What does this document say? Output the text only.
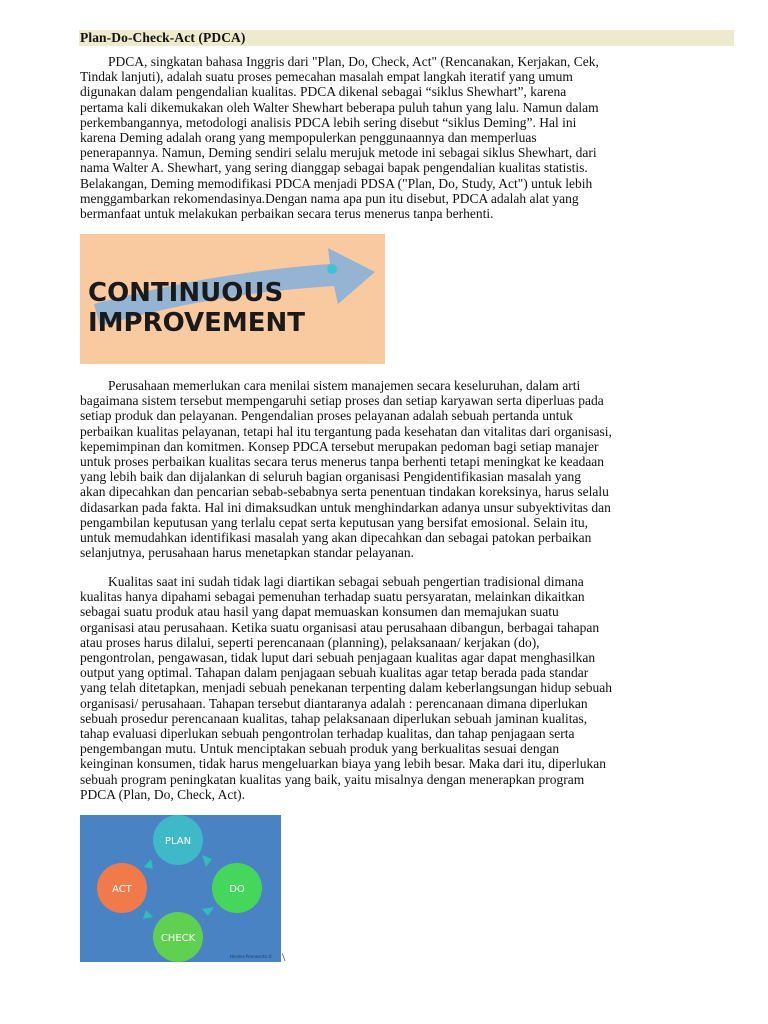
Plan-Do-Check-Act (PDCA)

PDCA, singkatan bahasa Inggris dari "Plan, Do, Check, Act" (Rencanakan, Kerjakan, Cek,
Tindak lanjuti), adalah suatu proses pemecahan masalah empat langkah iteratif yang umum
digunakan dalam pengendalian kualitas. PDCA dikenal sebagai “siklus Shewhart”, karena
pertama kali dikemukakan oleh Walter Shewhart beberapa puluh tahun yang lalu. Namun dalam
perkembangannya, metodologi analisis PDCA lebih sering disebut “siklus Deming”. Hal ini
karena Deming adalah orang yang mempopulerkan penggunaannya dan memperluas
penerapannya. Namun, Deming sendiri selalu merujuk metode ini sebagai siklus Shewhart, dari
nama Walter A. Shewhart, yang sering dianggap sebagai bapak pengendalian kualitas statistis.
Belakangan, Deming memodifikasi PDCA menjadi PDSA ("Plan, Do, Study, Act") untuk lebih
menggambarkan rekomendasinya.Dengan nama apa pun itu disebut, PDCA adalah alat yang
bermanfaat untuk melakukan perbaikan secara terus menerus tanpa berhenti.

CONTINUOUS
IMPROVEMENT

Perusahaan memerlukan cara menilai sistem manajemen secara keseluruhan, dalam arti
bagaimana sistem tersebut mempengaruhi setiap proses dan setiap karyawan serta diperluas pada
setiap produk dan pelayanan. Pengendalian proses pelayanan adalah sebuah pertanda untuk
perbaikan kualitas pelayanan, tetapi hal itu tergantung pada kesehatan dan vitalitas dari organisasi,
kepemimpinan dan komitmen. Konsep PDCA tersebut merupakan pedoman bagi setiap manajer
untuk proses perbaikan kualitas secara terus menerus tanpa berhenti tetapi meningkat ke keadaan
yang lebih baik dan dijalankan di seluruh bagian organisasi Pengidentifikasian masalah yang
akan dipecahkan dan pencarian sebab-sebabnya serta penentuan tindakan koreksinya, harus selalu
didasarkan pada fakta. Hal ini dimaksudkan untuk menghindarkan adanya unsur subyektivitas dan
pengambilan keputusan yang terlalu cepat serta keputusan yang bersifat emosional. Selain itu,
untuk memudahkan identifikasi masalah yang akan dipecahkan dan sebagai patokan perbaikan
selanjutnya, perusahaan harus menetapkan standar pelayanan.

Kualitas saat ini sudah tidak lagi diartikan sebagai sebuah pengertian tradisional dimana
kualitas hanya dipahami sebagai pemenuhan terhadap suatu persyaratan, melainkan dikaitkan
sebagai suatu produk atau hasil yang dapat memuaskan konsumen dan memajukan suatu
organisasi atau perusahaan. Ketika suatu organisasi atau perusahaan dibangun, berbagai tahapan
atau proses harus dilalui, seperti perencanaan (planning), pelaksanaan/ kerjakan (do),
pengontrolan, pengawasan, tidak luput dari sebuah penjagaan kualitas agar dapat menghasilkan
output yang optimal. Tahapan dalam penjagaan sebuah kualitas agar tetap berada pada standar
yang telah ditetapkan, menjadi sebuah penekanan terpenting dalam keberlangsungan hidup sebuah
organisasi/ perusahaan. Tahapan tersebut diantaranya adalah : perencanaan dimana diperlukan
sebuah prosedur perencanaan kualitas, tahap pelaksanaan diperlukan sebuah jaminan kualitas,
tahap evaluasi diperlukan sebuah pengontrolan terhadap kualitas, dan tahap penjagaan serta
pengembangan mutu. Untuk menciptakan sebuah produk yang berkualitas sesuai dengan
keinginan konsumen, tidak harus mengeluarkan biaya yang lebih besar. Maka dari itu, diperlukan
sebuah program peningkatan kualitas yang baik, yaitu misalnya dengan menerapkan program
PDCA (Plan, Do, Check, Act).

PLAN
DO
CHECK
ACT
Hendra Poerwanto © \
